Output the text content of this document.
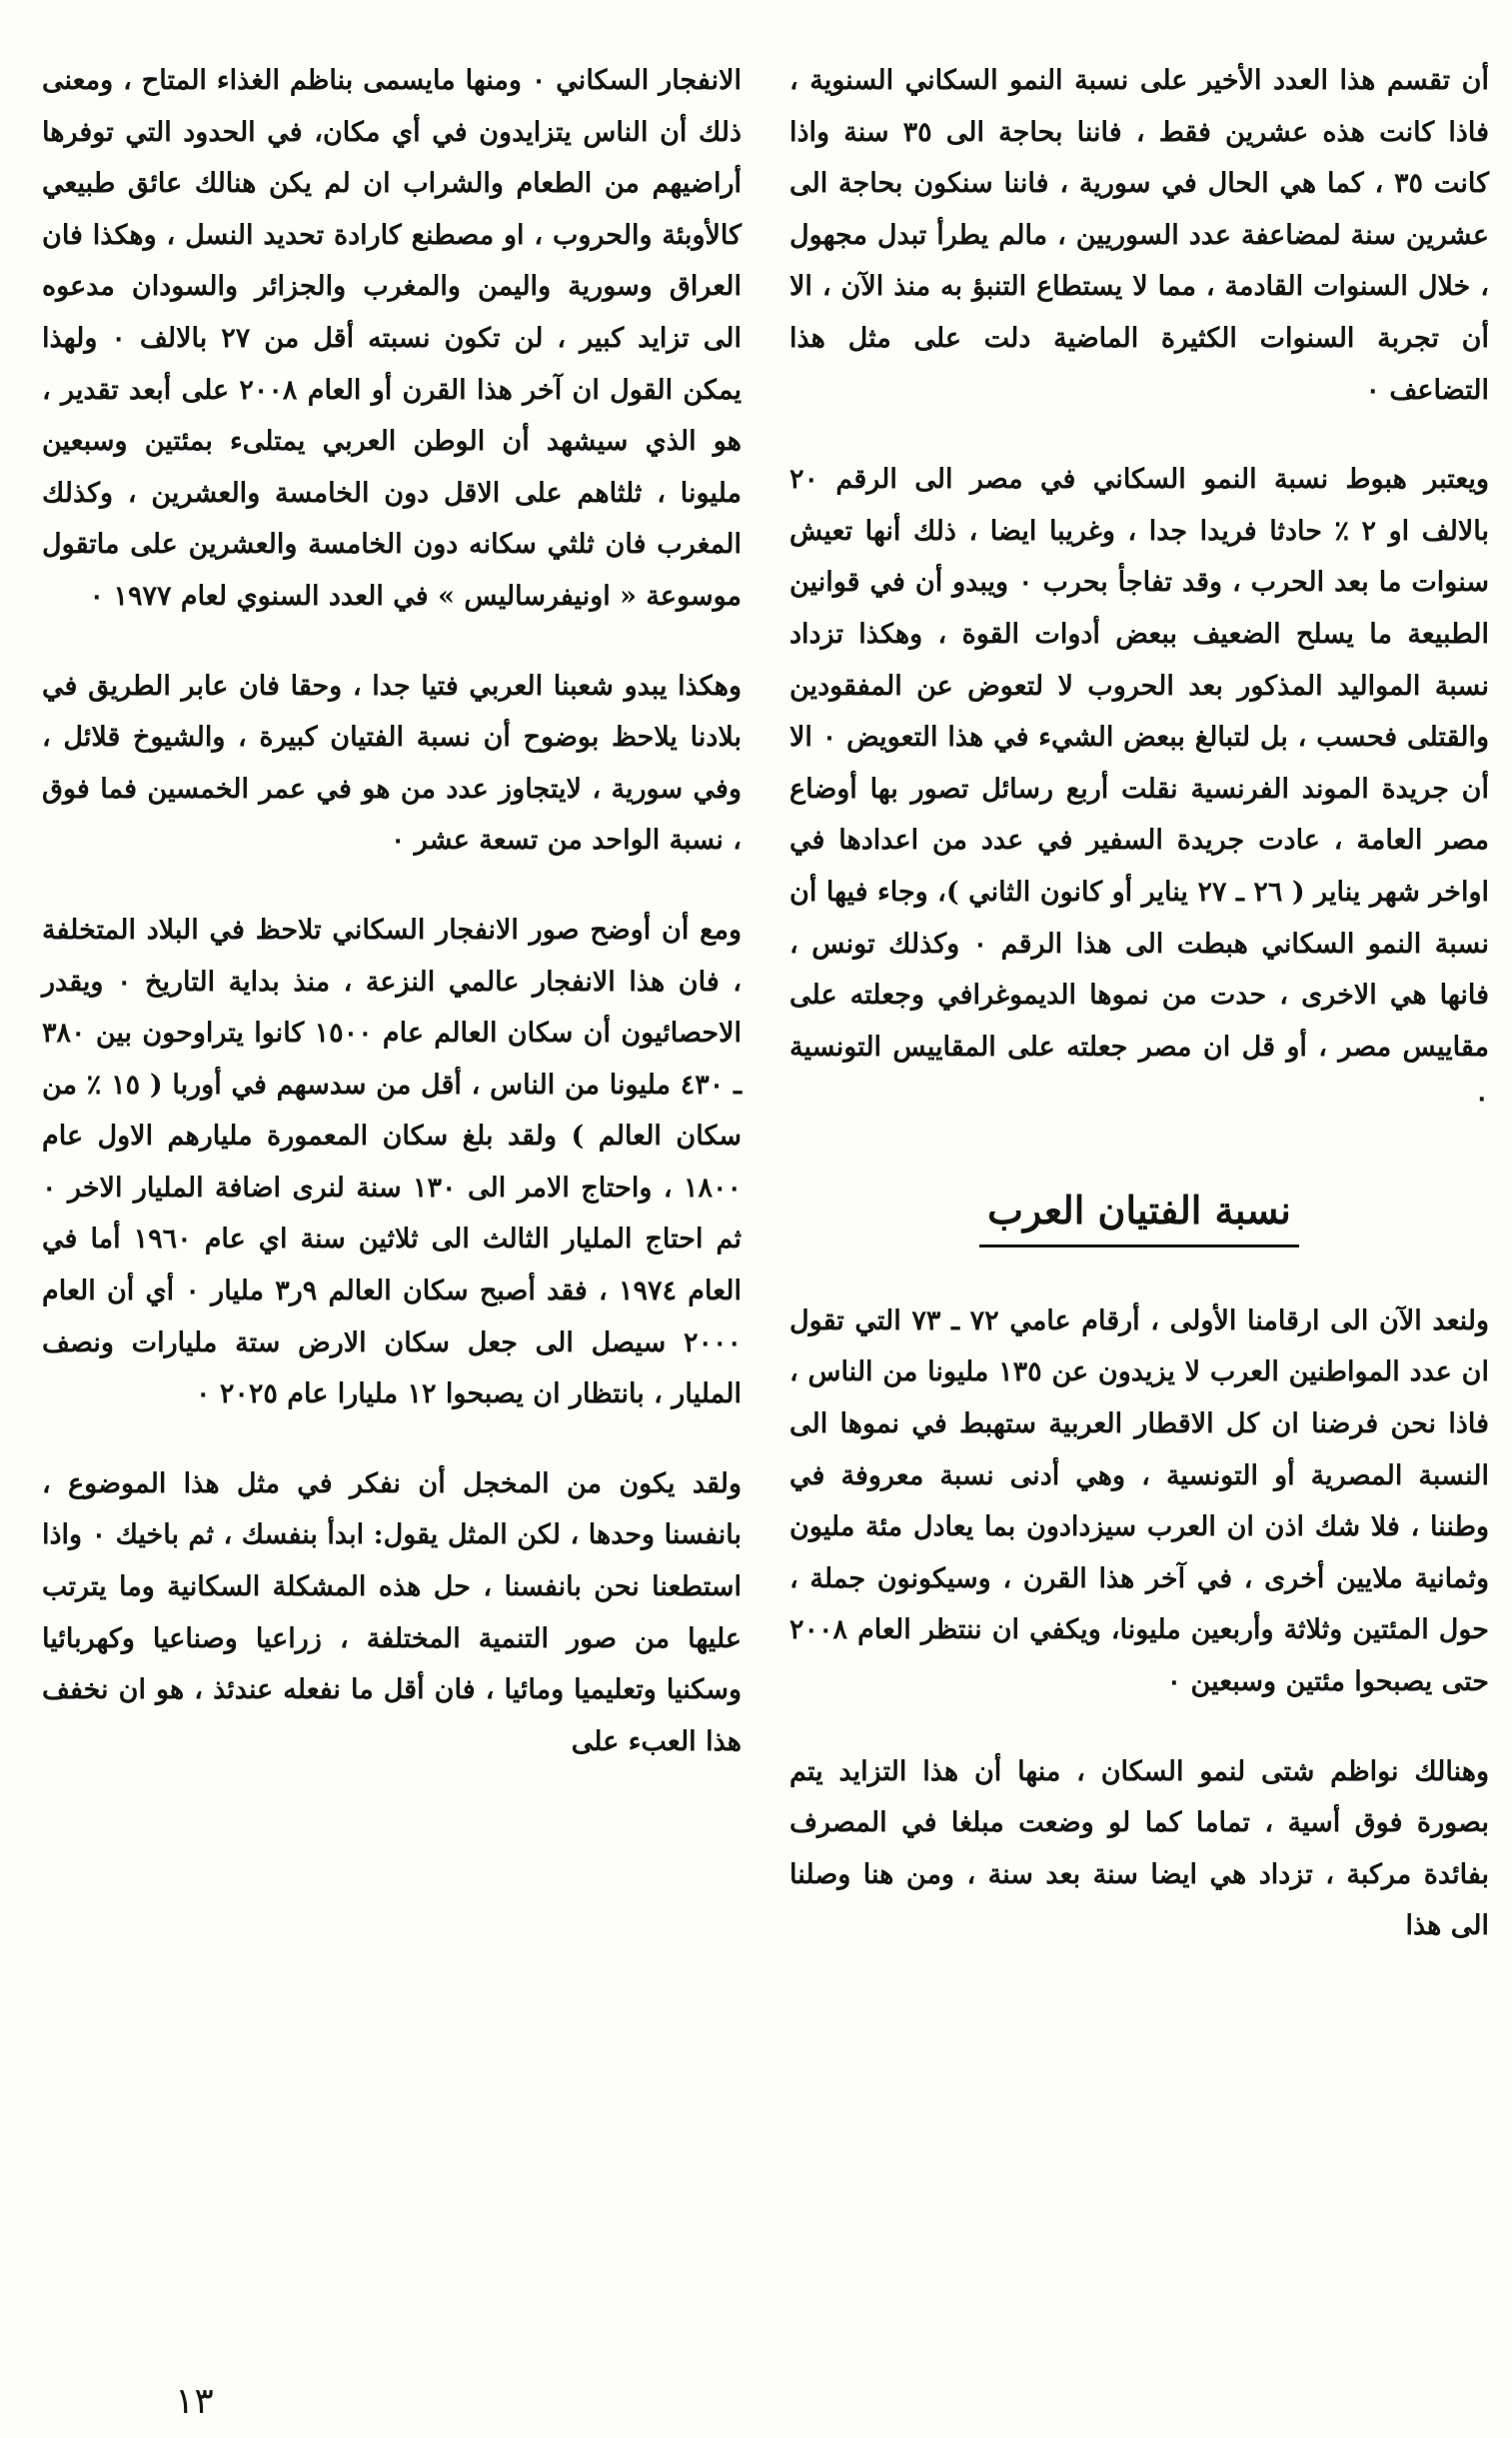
أن تقسم هذا العدد الأخير على نسبة النمو السكاني السنوية ، فاذا كانت هذه عشرين فقط ، فاننا بحاجة الى ٣٥ سنة واذا كانت ٣٥ ، كما هي الحال في سورية ، فاننا سنكون بحاجة الى عشرين سنة لمضاعفة عدد السوريين ، مالم يطرأ تبدل مجهول ، خلال السنوات القادمة ، مما لا يستطاع التنبؤ به منذ الآن ، الا أن تجربة السنوات الكثيرة الماضية دلت على مثل هذا التضاعف ٠

ويعتبر هبوط نسبة النمو السكاني في مصر الى الرقم ٢٠ بالالف او ٢ ٪ حادثا فريدا جدا ، وغريبا ايضا ، ذلك أنها تعيش سنوات ما بعد الحرب ، وقد تفاجأ بحرب ٠ ويبدو أن في قوانين الطبيعة ما يسلح الضعيف ببعض أدوات القوة ، وهكذا تزداد نسبة المواليد المذكور بعد الحروب لا لتعوض عن المفقودين والقتلى فحسب ، بل لتبالغ ببعض الشيء في هذا التعويض ٠ الا أن جريدة الموند الفرنسية نقلت أربع رسائل تصور بها أوضاع مصر العامة ، عادت جريدة السفير في عدد من اعدادها في اواخر شهر يناير ( ٢٦ ـ ٢٧ يناير أو كانون الثاني )، وجاء فيها أن نسبة النمو السكاني هبطت الى هذا الرقم ٠ وكذلك تونس ، فانها هي الاخرى ، حدت من نموها الديموغرافي وجعلته على مقاييس مصر ، أو قل ان مصر جعلته على المقاييس التونسية ٠

نسبة الفتيان العرب

ولنعد الآن الى ارقامنا الأولى ، أرقام عامي ٧٢ ـ ٧٣ التي تقول ان عدد المواطنين العرب لا يزيدون عن ١٣٥ مليونا من الناس ، فاذا نحن فرضنا ان كل الاقطار العربية ستهبط في نموها الى النسبة المصرية أو التونسية ، وهي أدنى نسبة معروفة في وطننا ، فلا شك اذن ان العرب سيزدادون بما يعادل مئة مليون وثمانية ملايين أخرى ، في آخر هذا القرن ، وسيكونون جملة ، حول المئتين وثلاثة وأربعين مليونا، ويكفي ان ننتظر العام ٢٠٠٨ حتى يصبحوا مئتين وسبعين ٠

وهنالك نواظم شتى لنمو السكان ، منها أن هذا التزايد يتم بصورة فوق أسية ، تماما كما لو وضعت مبلغا في المصرف بفائدة مركبة ، تزداد هي ايضا سنة بعد سنة ، ومن هنا وصلنا الى هذا

الانفجار السكاني ٠ ومنها مايسمى بناظم الغذاء المتاح ، ومعنى ذلك أن الناس يتزايدون في أي مكان، في الحدود التي توفرها أراضيهم من الطعام والشراب ان لم يكن هنالك عائق طبيعي كالأوبئة والحروب ، او مصطنع كارادة تحديد النسل ، وهكذا فان العراق وسورية واليمن والمغرب والجزائر والسودان مدعوه الى تزايد كبير ، لن تكون نسبته أقل من ٢٧ بالالف ٠ ولهذا يمكن القول ان آخر هذا القرن أو العام ٢٠٠٨ على أبعد تقدير ، هو الذي سيشهد أن الوطن العربي يمتلىء بمئتين وسبعين مليونا ، ثلثاهم على الاقل دون الخامسة والعشرين ، وكذلك المغرب فان ثلثي سكانه دون الخامسة والعشرين على ماتقول موسوعة « اونيفرساليس » في العدد السنوي لعام ١٩٧٧ ٠

وهكذا يبدو شعبنا العربي فتيا جدا ، وحقا فان عابر الطريق في بلادنا يلاحظ بوضوح أن نسبة الفتيان كبيرة ، والشيوخ قلائل ، وفي سورية ، لايتجاوز عدد من هو في عمر الخمسين فما فوق ، نسبة الواحد من تسعة عشر ٠

ومع أن أوضح صور الانفجار السكاني تلاحظ في البلاد المتخلفة ، فان هذا الانفجار عالمي النزعة ، منذ بداية التاريخ ٠ ويقدر الاحصائيون أن سكان العالم عام ١٥٠٠ كانوا يتراوحون بين ٣٨٠ ـ ٤٣٠ مليونا من الناس ، أقل من سدسهم في أوربا ( ١٥ ٪ من سكان العالم ) ولقد بلغ سكان المعمورة مليارهم الاول عام ١٨٠٠ ، واحتاج الامر الى ١٣٠ سنة لنرى اضافة المليار الاخر ٠ ثم احتاج المليار الثالث الى ثلاثين سنة اي عام ١٩٦٠ أما في العام ١٩٧٤ ، فقد أصبح سكان العالم ٩ر٣ مليار ٠ أي أن العام ٢٠٠٠ سيصل الى جعل سكان الارض ستة مليارات ونصف المليار ، بانتظار ان يصبحوا ١٢ مليارا عام ٢٠٢٥ ٠

ولقد يكون من المخجل أن نفكر في مثل هذا الموضوع ، بانفسنا وحدها ، لكن المثل يقول: ابدأ بنفسك ، ثم باخيك ٠ واذا استطعنا نحن بانفسنا ، حل هذه المشكلة السكانية وما يترتب عليها من صور التنمية المختلفة ، زراعيا وصناعيا وكهربائيا وسكنيا وتعليميا ومائيا ، فان أقل ما نفعله عندئذ ، هو ان نخفف هذا العبء على

١٣
